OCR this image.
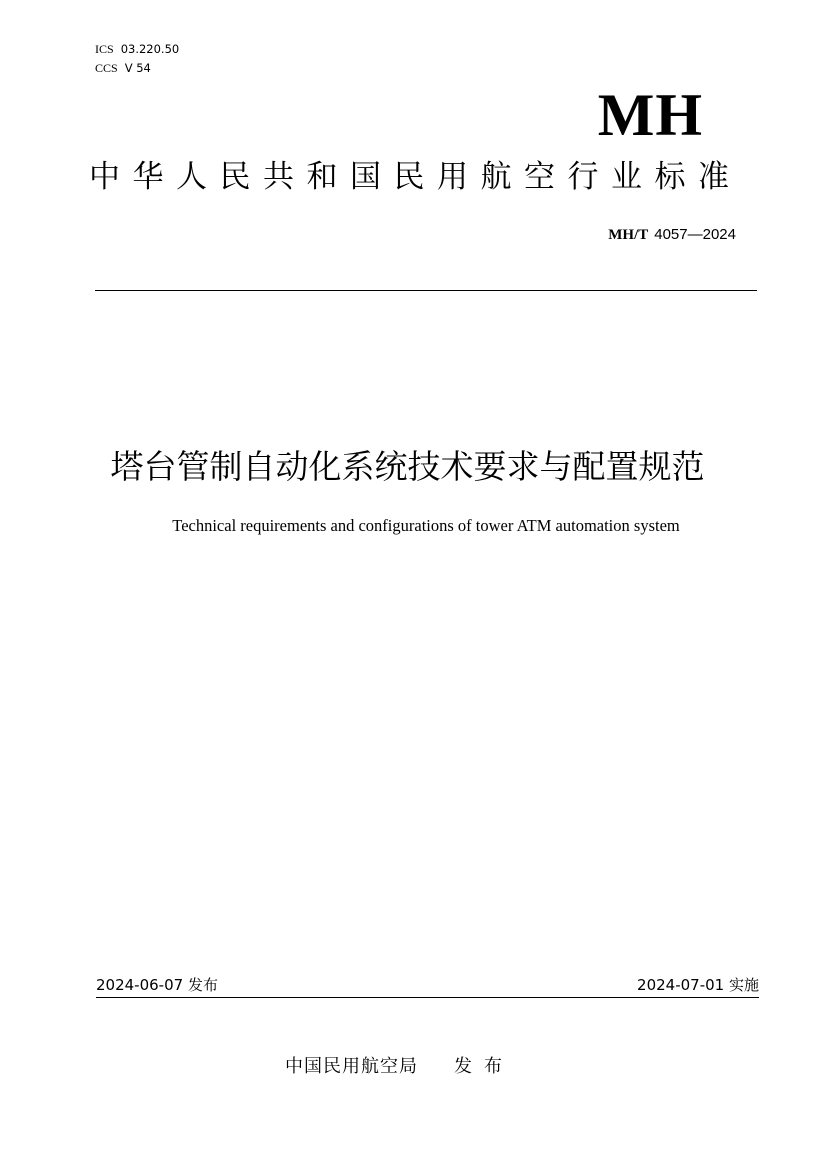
ICS 03.220.50
CCS V 54
MH
中华人民共和国民用航空行业标准
MH/T 4057—2024
塔台管制自动化系统技术要求与配置规范
Technical requirements and configurations of tower ATM automation system
2024-06-07 发布	2024-07-01 实施
中国民用航空局 发布
